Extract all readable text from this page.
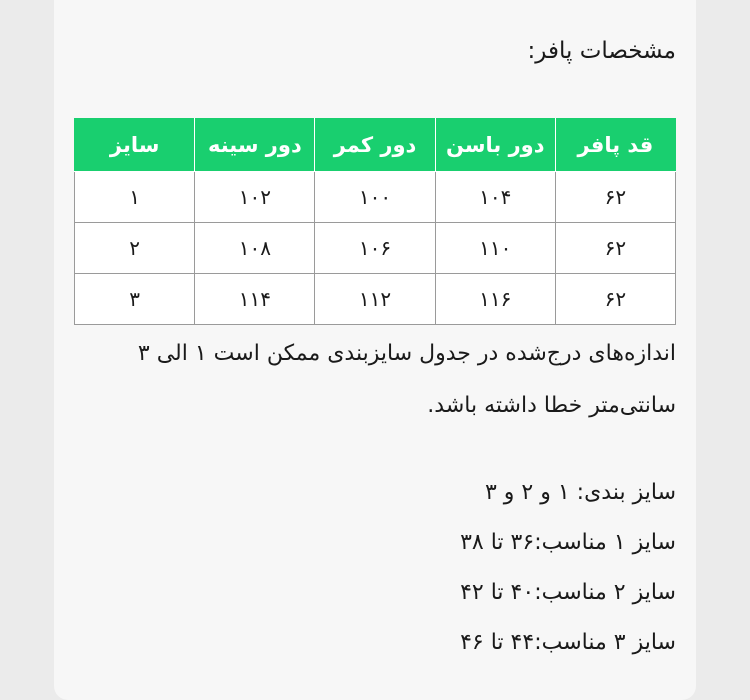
مشخصات پافر:
قد پافر	دور باسن	دور کمر	دور سینه	سایز
۶۲	۱۰۴	۱۰۰	۱۰۲	۱
۶۲	۱۱۰	۱۰۶	۱۰۸	۲
۶۲	۱۱۶	۱۱۲	۱۱۴	۳
اندازه‌های درج‌شده در جدول سایزبندی ممکن است ۱ الی ۳
سانتی‌متر خطا داشته باشد.
سایز بندی: ۱ و ۲ و ۳
سایز ۱ مناسب:۳۶ تا ۳۸
سایز ۲ مناسب:۴۰ تا ۴۲
سایز ۳ مناسب:۴۴ تا ۴۶
